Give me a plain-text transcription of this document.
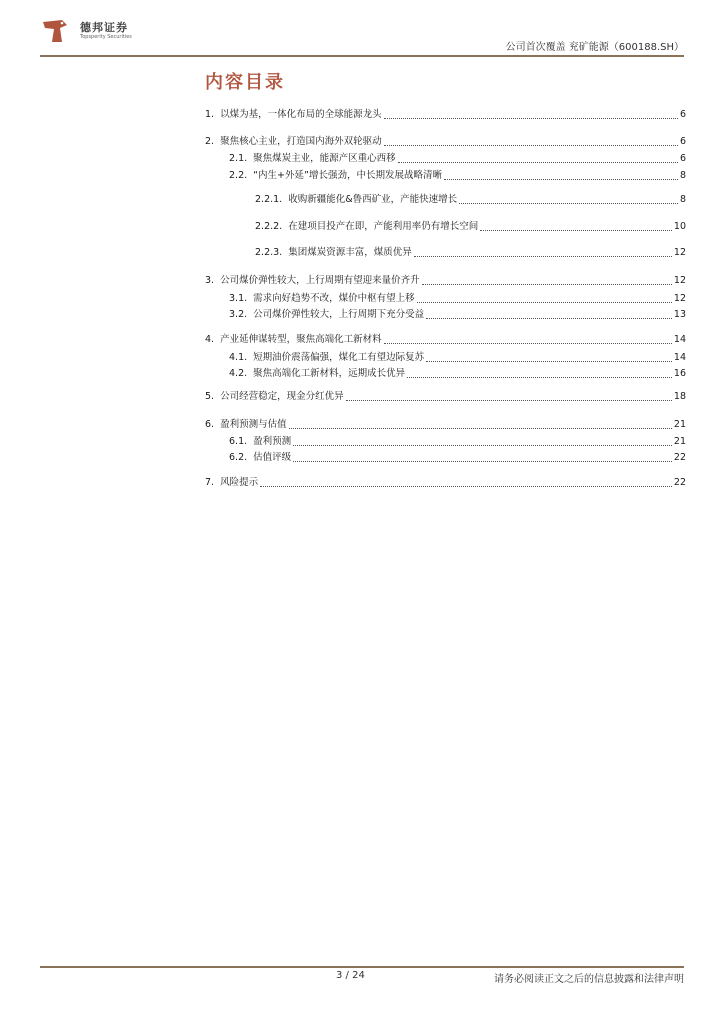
德邦证券
Topsperity Securities
公司首次覆盖 兖矿能源（600188.SH）
内容目录
1. 以煤为基，一体化布局的全球能源龙头	6
2. 聚焦核心主业，打造国内海外双轮驱动	6
2.1. 聚焦煤炭主业，能源产区重心西移	6
2.2. “内生+外延”增长强劲，中长期发展战略清晰	8
2.2.1. 收购新疆能化&鲁西矿业，产能快速增长	8
2.2.2. 在建项目投产在即，产能利用率仍有增长空间	10
2.2.3. 集团煤炭资源丰富，煤质优异	12
3. 公司煤价弹性较大，上行周期有望迎来量价齐升	12
3.1. 需求向好趋势不改，煤价中枢有望上移	12
3.2. 公司煤价弹性较大，上行周期下充分受益	13
4. 产业延伸谋转型，聚焦高端化工新材料	14
4.1. 短期油价震荡偏强，煤化工有望边际复苏	14
4.2. 聚焦高端化工新材料，远期成长优异	16
5. 公司经营稳定，现金分红优异	18
6. 盈利预测与估值	21
6.1. 盈利预测	21
6.2. 估值评级	22
7. 风险提示	22
3 / 24	请务必阅读正文之后的信息披露和法律声明
